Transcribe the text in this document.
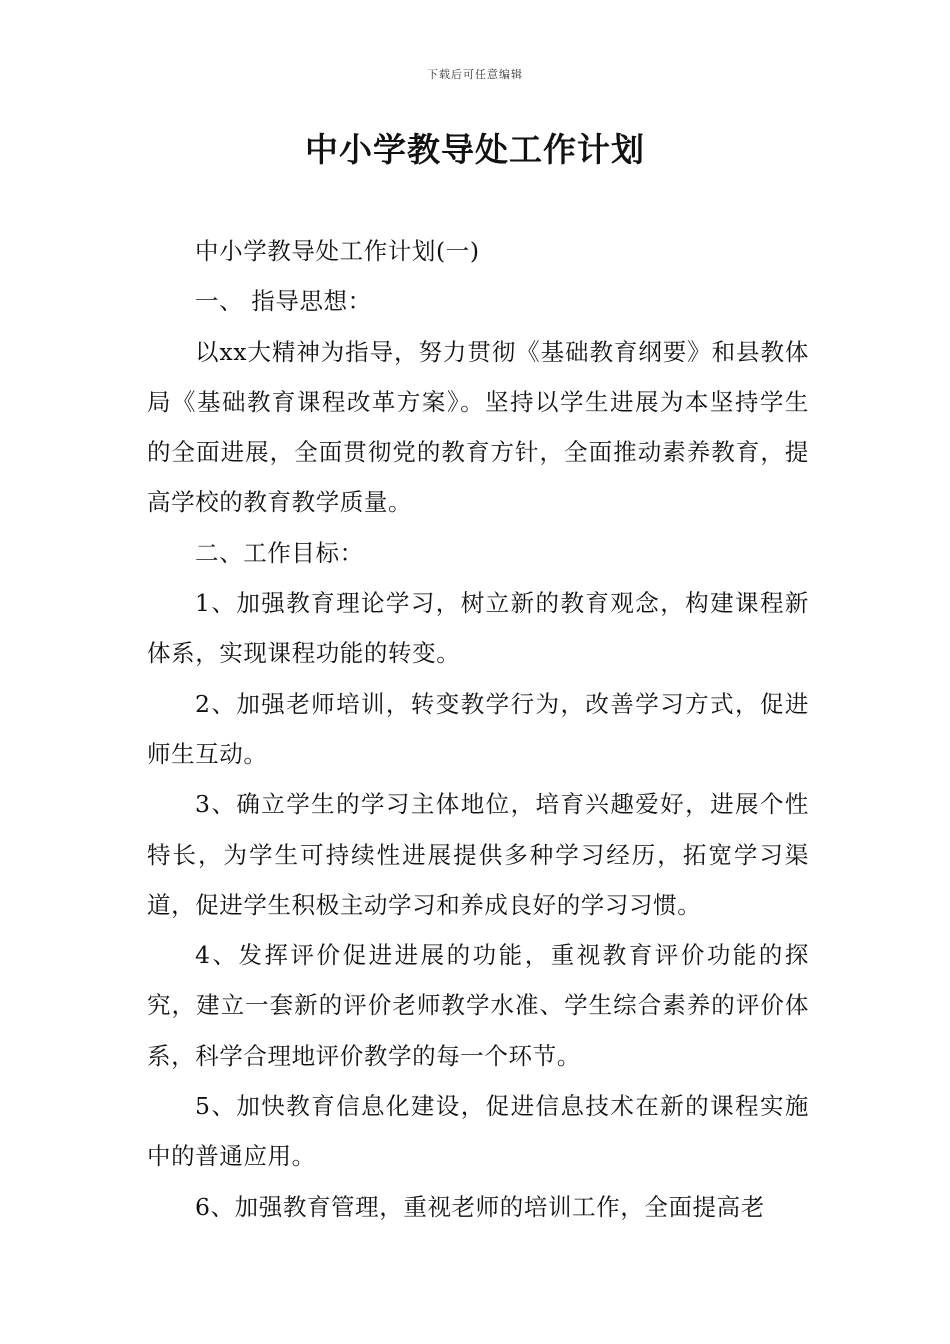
下载后可任意编辑
中小学教导处工作计划

中小学教导处工作计划(一)

一、 指导思想：

以xx大精神为指导，努力贯彻《基础教育纲要》和县教体局《基础教育课程改革方案》。坚持以学生进展为本坚持学生的全面进展，全面贯彻党的教育方针，全面推动素养教育，提高学校的教育教学质量。

二、工作目标：

1、加强教育理论学习，树立新的教育观念，构建课程新体系，实现课程功能的转变。

2、加强老师培训，转变教学行为，改善学习方式，促进师生互动。

3、确立学生的学习主体地位，培育兴趣爱好，进展个性特长，为学生可持续性进展提供多种学习经历，拓宽学习渠道，促进学生积极主动学习和养成良好的学习习惯。

4、发挥评价促进进展的功能，重视教育评价功能的探究，建立一套新的评价老师教学水准、学生综合素养的评价体系，科学合理地评价教学的每一个环节。

5、加快教育信息化建设，促进信息技术在新的课程实施中的普通应用。

6、加强教育管理，重视老师的培训工作，全面提高老
